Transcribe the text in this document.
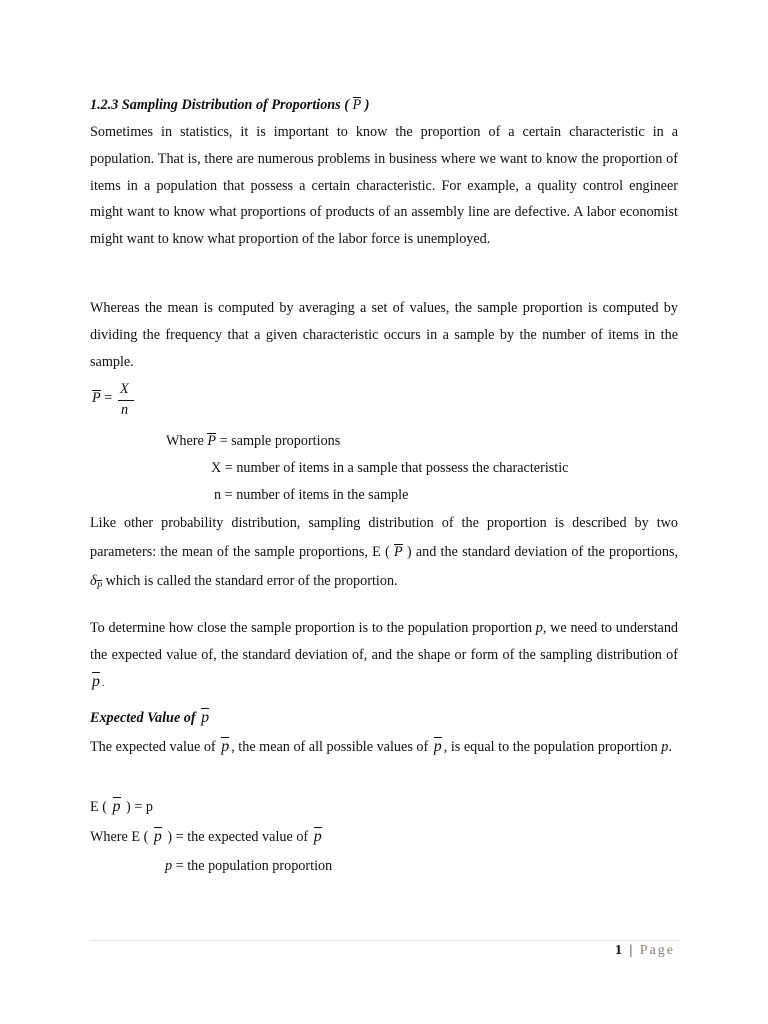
1.2.3 Sampling Distribution of Proportions ( P )
Sometimes in statistics, it is important to know the proportion of a certain characteristic in a population. That is, there are numerous problems in business where we want to know the proportion of items in a population that possess a certain characteristic. For example, a quality control engineer might want to know what proportions of products of an assembly line are defective. A labor economist might want to know what proportion of the labor force is unemployed.
Whereas the mean is computed by averaging a set of values, the sample proportion is computed by dividing the frequency that a given characteristic occurs in a sample by the number of items in the sample.
P =
X
n
Where P = sample proportions
X = number of items in a sample that possess the characteristic
n = number of items in the sample
Like other probability distribution, sampling distribution of the proportion is described by two parameters: the mean of the sample proportions, E ( P ) and the standard deviation of the proportions, $\delta_{\overline{P}}$ which is called the standard error of the proportion.
To determine how close the sample proportion is to the population proportion p, we need to understand the expected value of, the standard deviation of, and the shape or form of the sampling distribution of p .
Expected Value of p
The expected value of p , the mean of all possible values of p , is equal to the population proportion p.
E ( p ) = p
Where E ( p ) = the expected value of p
p = the population proportion
1 | Page
